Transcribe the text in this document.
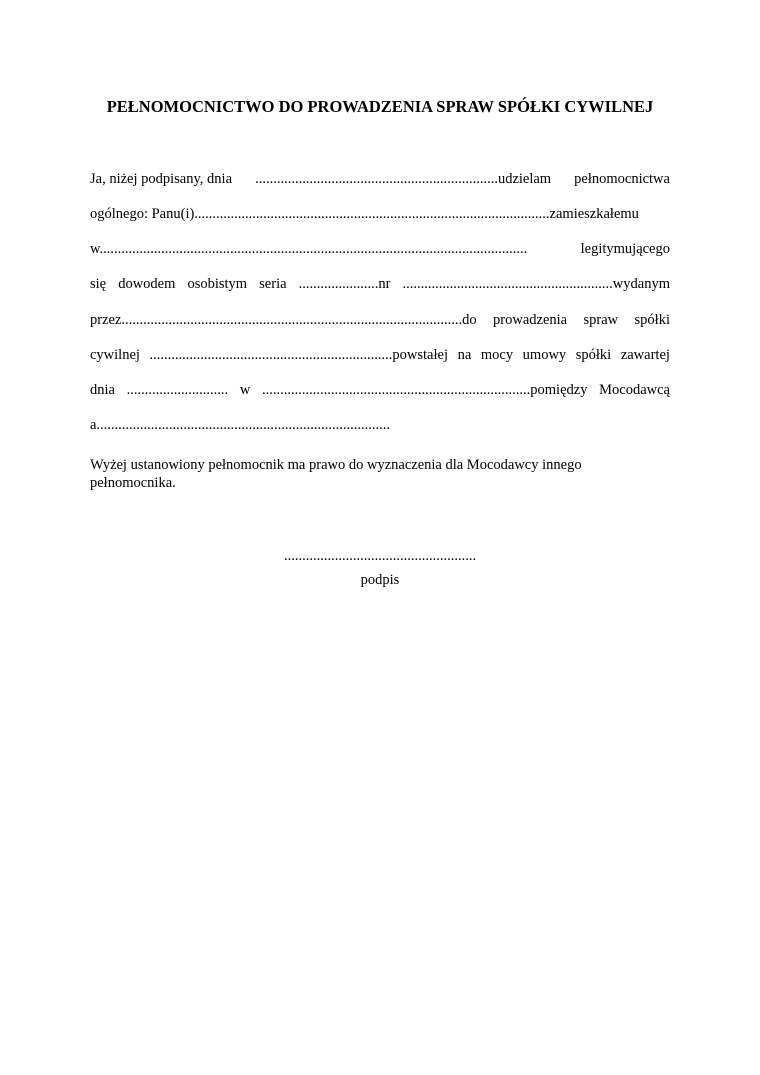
PEŁNOMOCNICTWO DO PROWADZENIA SPRAW SPÓŁKI CYWILNEJ
Ja, niżej podpisany, dnia ...................................................................udzielam pełnomocnictwa
ogólnego: Panu(i)..................................................................................................zamieszkałemu
w......................................................................................................................	legitymującego
się dowodem osobistym seria ......................nr ..........................................................wydanym
przez..............................................................................................do prowadzenia spraw spółki
cywilnej ...................................................................powstałej na mocy umowy spółki zawartej
dnia ............................ w ..........................................................................pomiędzy Mocodawcą
a.................................................................................

Wyżej ustanowiony pełnomocnik ma prawo do wyznaczenia dla Mocodawcy innego pełnomocnika.

.....................................................
podpis
